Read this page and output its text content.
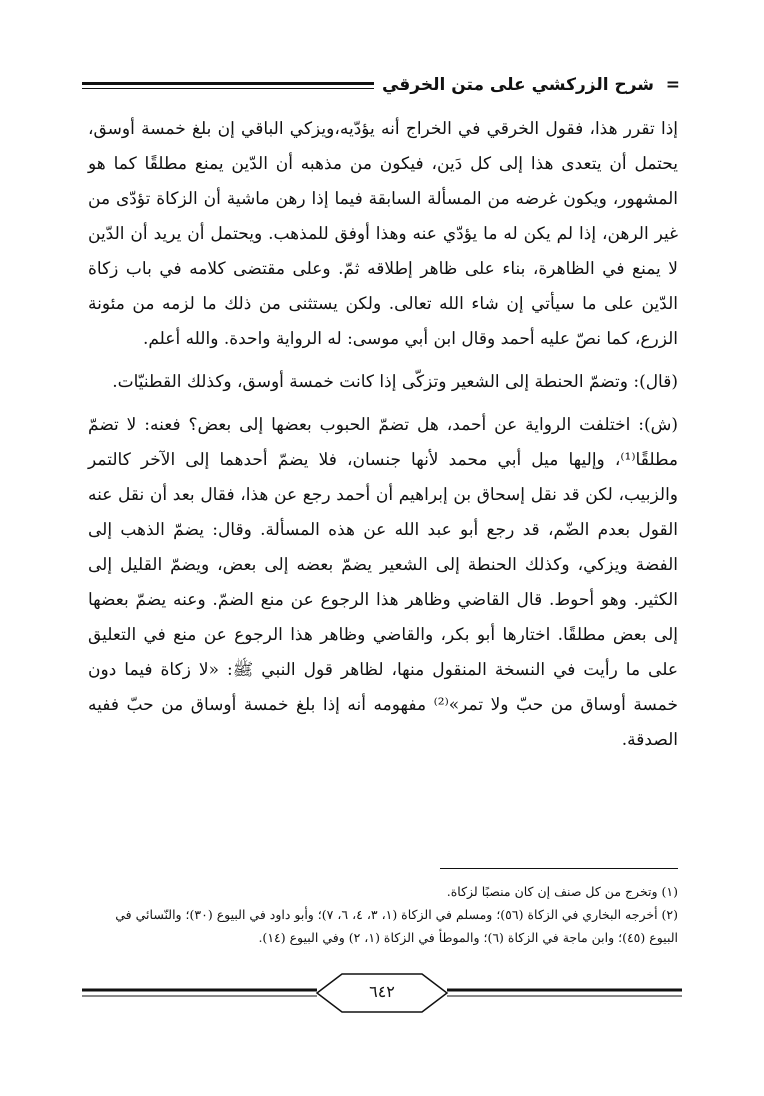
شرح الزركشي على متن الخرقي =

إذا تقرر هذا، فقول الخرقي في الخراج أنه يؤدّيه،ويزكي الباقي إن بلغ خمسة أوسق، يحتمل أن يتعدى هذا إلى كل دَين، فيكون من مذهبه أن الدّين يمنع مطلقًا كما هو المشهور، ويكون غرضه من المسألة السابقة فيما إذا رهن ماشية أن الزكاة تؤدّى من غير الرهن، إذا لم يكن له ما يؤدّي عنه وهذا أوفق للمذهب. ويحتمل أن يريد أن الدّين لا يمنع في الظاهرة، بناء على ظاهر إطلاقه ثمّ. وعلى مقتضى كلامه في باب زكاة الدّين على ما سيأتي إن شاء الله تعالى. ولكن يستثنى من ذلك ما لزمه من مئونة الزرع، كما نصّ عليه أحمد وقال ابن أبي موسى: له الرواية واحدة. والله أعلم.

(قال): وتضمّ الحنطة إلى الشعير وتزكّى إذا كانت خمسة أوسق، وكذلك القطنيّات.

(ش): اختلفت الرواية عن أحمد، هل تضمّ الحبوب بعضها إلى بعض؟ فعنه: لا تضمّ مطلقًا⁽¹⁾، وإليها ميل أبي محمد لأنها جنسان، فلا يضمّ أحدهما إلى الآخر كالتمر والزبيب، لكن قد نقل إسحاق بن إبراهيم أن أحمد رجع عن هذا، فقال بعد أن نقل عنه القول بعدم الضّم، قد رجع أبو عبد الله عن هذه المسألة. وقال: يضمّ الذهب إلى الفضة ويزكي، وكذلك الحنطة إلى الشعير يضمّ بعضه إلى بعض، ويضمّ القليل إلى الكثير. وهو أحوط. قال القاضي وظاهر هذا الرجوع عن منع الضمّ. وعنه يضمّ بعضها إلى بعض مطلقًا. اختارها أبو بكر، والقاضي وظاهر هذا الرجوع عن منع في التعليق على ما رأيت في النسخة المنقول منها، لظاهر قول النبي ﷺ: «لا زكاة فيما دون خمسة أوساق من حبّ ولا تمر»⁽²⁾ مفهومه أنه إذا بلغ خمسة أوساق من حبّ ففيه الصدقة.

(١) وتخرج من كل صنف إن كان منصبًا لزكاة.

(٢) أخرجه البخاري في الزكاة (٥٦)؛ ومسلم في الزكاة (١، ٣، ٤، ٦، ٧)؛ وأبو داود في البيوع (٣٠)؛ والنّسائي في البيوع (٤٥)؛ وابن ماجة في الزكاة (٦)؛ والموطأ في الزكاة (١، ٢) وفي البيوع (١٤).

٦٤٢
